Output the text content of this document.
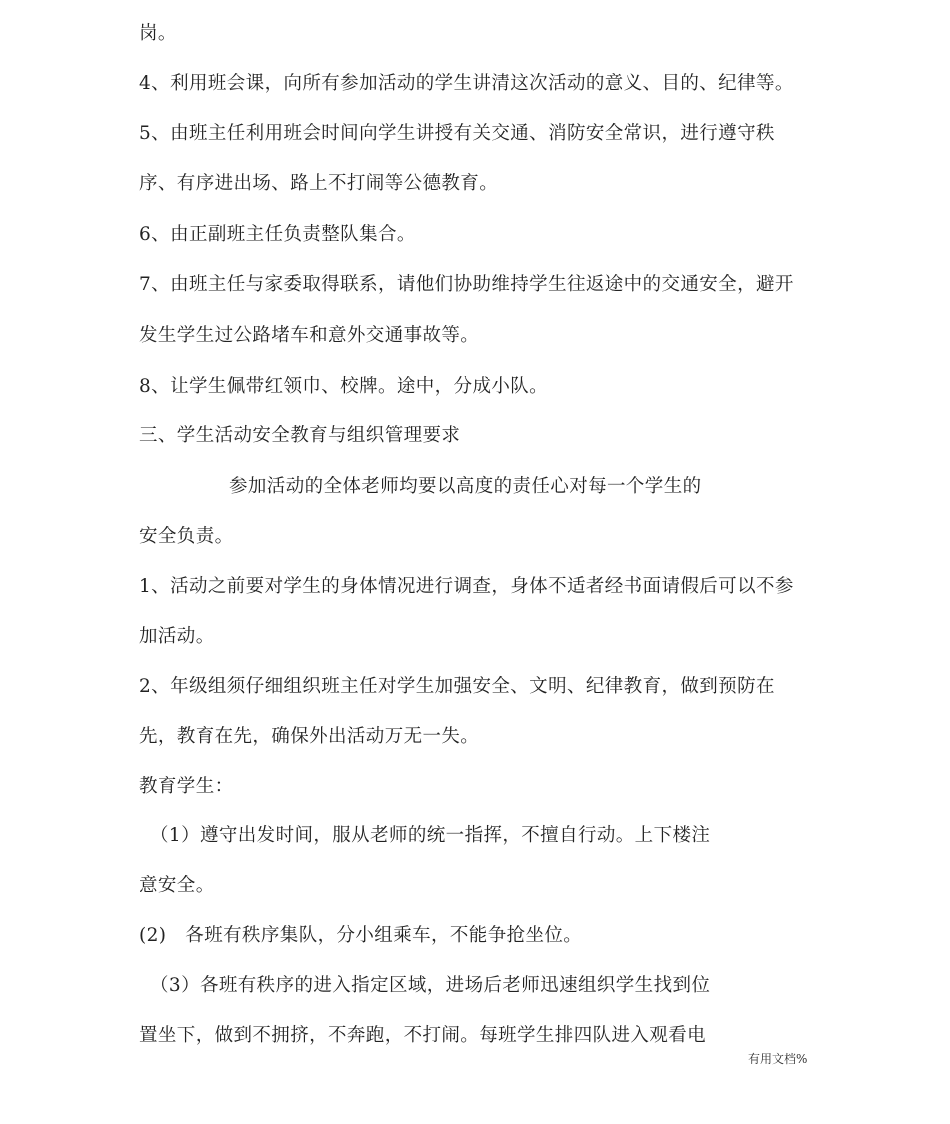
岗。
4、利用班会课，向所有参加活动的学生讲清这次活动的意义、目的、纪律等。
5、由班主任利用班会时间向学生讲授有关交通、消防安全常识，进行遵守秩
序、有序进出场、路上不打闹等公德教育。
6、由正副班主任负责整队集合。
7、由班主任与家委取得联系，请他们协助维持学生往返途中的交通安全，避开
发生学生过公路堵车和意外交通事故等。
8、让学生佩带红领巾、校牌。途中，分成小队。
三、学生活动安全教育与组织管理要求
参加活动的全体老师均要以高度的责任心对每一个学生的
安全负责。
1、活动之前要对学生的身体情况进行调查，身体不适者经书面请假后可以不参
加活动。
2、年级组须仔细组织班主任对学生加强安全、文明、纪律教育，做到预防在
先，教育在先，确保外出活动万无一失。
教育学生：
（1）遵守出发时间，服从老师的统一指挥，不擅自行动。上下楼注
意安全。
(2)　各班有秩序集队，分小组乘车，不能争抢坐位。
（3）各班有秩序的进入指定区域，进场后老师迅速组织学生找到位
置坐下，做到不拥挤，不奔跑，不打闹。每班学生排四队进入观看电
有用文档%
